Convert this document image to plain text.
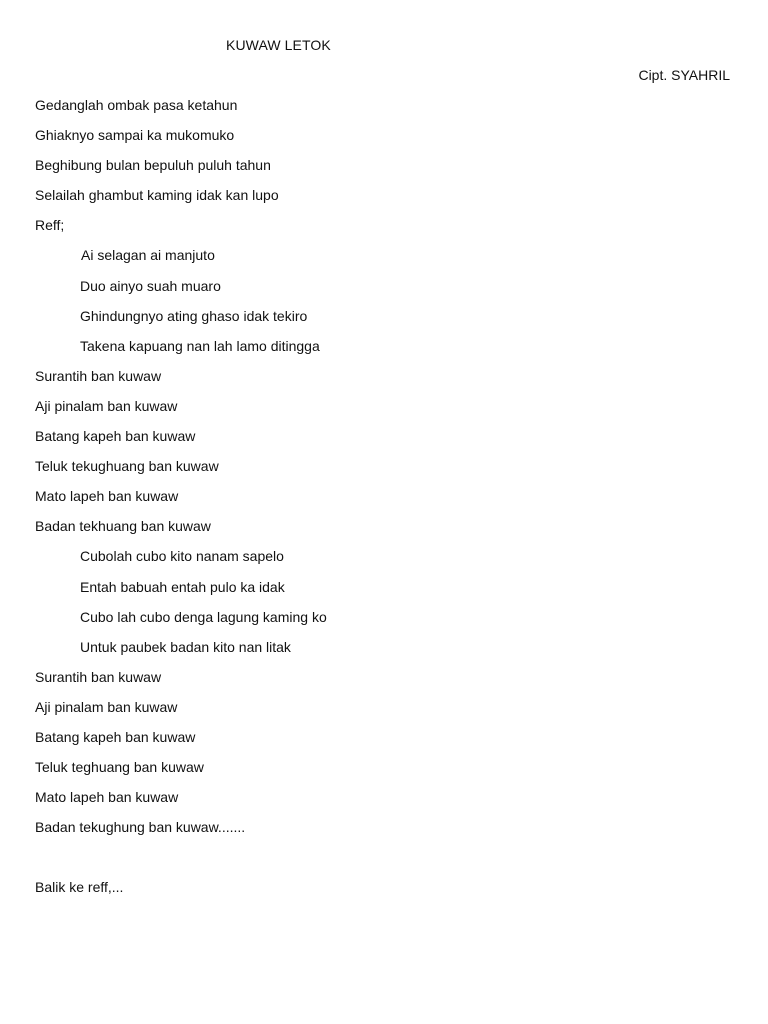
KUWAW LETOK
Cipt. SYAHRIL
Gedanglah ombak pasa ketahun
Ghiaknyo sampai ka mukomuko
Beghibung bulan bepuluh puluh tahun
Selailah ghambut kaming idak kan lupo
Reff;
Ai selagan ai manjuto
Duo ainyo suah muaro
Ghindungnyo ating ghaso idak tekiro
Takena kapuang nan lah lamo ditingga
Surantih ban kuwaw
Aji pinalam ban kuwaw
Batang kapeh ban kuwaw
Teluk tekughuang ban kuwaw
Mato lapeh ban kuwaw
Badan tekhuang ban kuwaw
Cubolah cubo kito nanam sapelo
Entah babuah entah pulo ka idak
Cubo lah cubo denga lagung kaming ko
Untuk paubek badan kito nan litak
Surantih ban kuwaw
Aji pinalam ban kuwaw
Batang kapeh ban kuwaw
Teluk teghuang ban kuwaw
Mato lapeh ban kuwaw
Badan tekughung ban kuwaw.......
Balik ke reff,...
